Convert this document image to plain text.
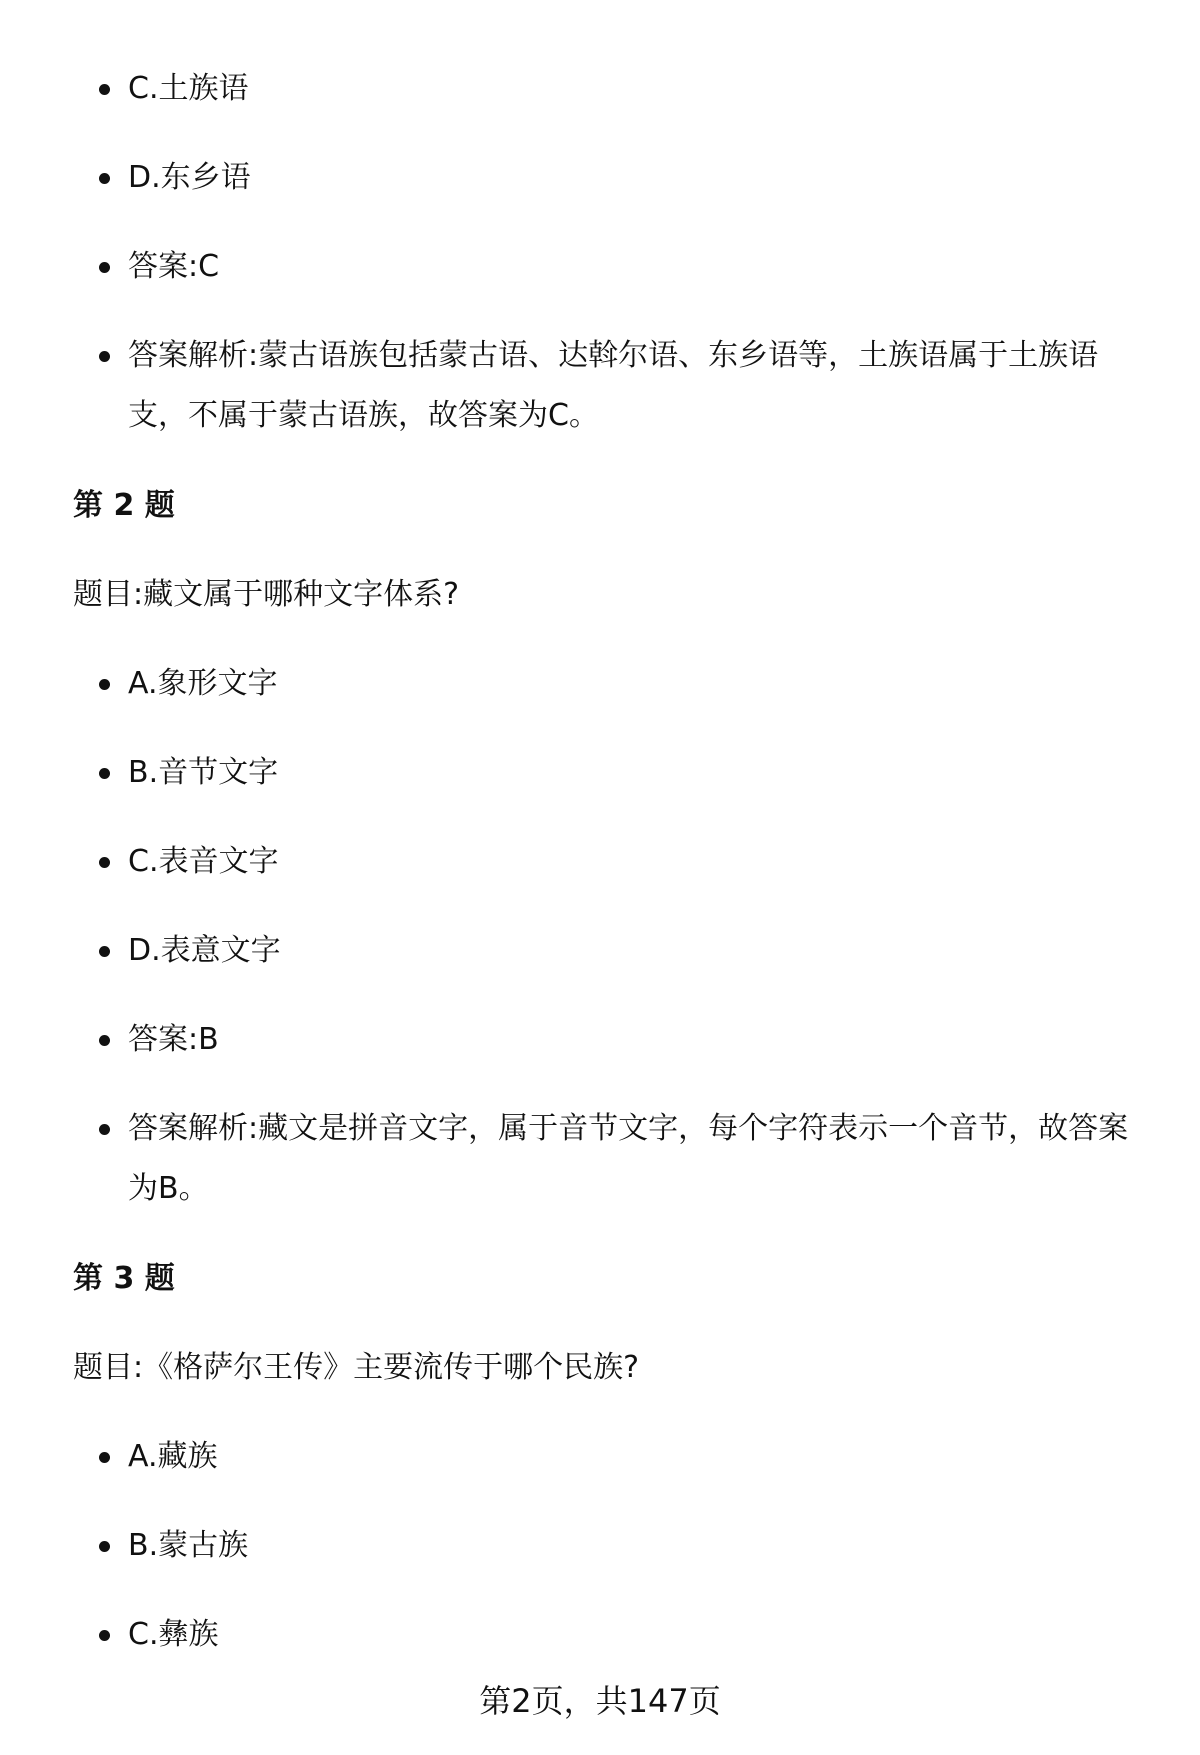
C.土族语
D.东乡语
答案:C
答案解析:蒙古语族包括蒙古语、达斡尔语、东乡语等，土族语属于土族语支，不属于蒙古语族，故答案为C。
第 2 题
题目:藏文属于哪种文字体系?
A.象形文字
B.音节文字
C.表音文字
D.表意文字
答案:B
答案解析:藏文是拼音文字，属于音节文字，每个字符表示一个音节，故答案为B。
第 3 题
题目:《格萨尔王传》主要流传于哪个民族?
A.藏族
B.蒙古族
C.彝族
第2页，共147页
